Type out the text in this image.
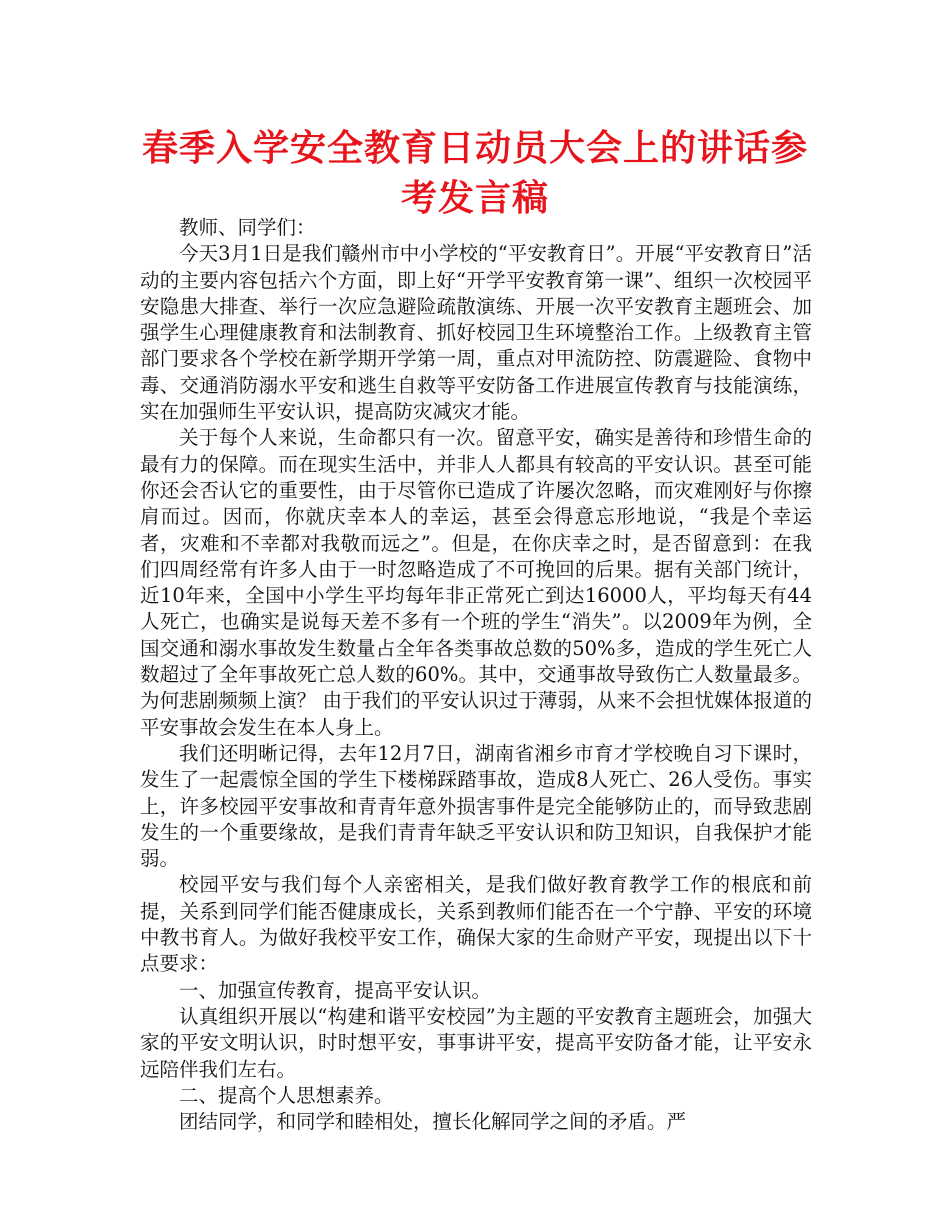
春季入学安全教育日动员大会上的讲话参考发言稿

教师、同学们：

今天3月1日是我们赣州市中小学校的“平安教育日”。开展“平安教育日”活动的主要内容包括六个方面，即上好“开学平安教育第一课”、组织一次校园平安隐患大排查、举行一次应急避险疏散演练、开展一次平安教育主题班会、加强学生心理健康教育和法制教育、抓好校园卫生环境整治工作。上级教育主管部门要求各个学校在新学期开学第一周，重点对甲流防控、防震避险、食物中毒、交通消防溺水平安和逃生自救等平安防备工作进展宣传教育与技能演练，实在加强师生平安认识，提高防灾减灾才能。

关于每个人来说，生命都只有一次。留意平安，确实是善待和珍惜生命的最有力的保障。而在现实生活中，并非人人都具有较高的平安认识。甚至可能你还会否认它的重要性，由于尽管你已造成了许屡次忽略，而灾难刚好与你擦肩而过。因而，你就庆幸本人的幸运，甚至会得意忘形地说，“我是个幸运者，灾难和不幸都对我敬而远之”。但是，在你庆幸之时，是否留意到：在我们四周经常有许多人由于一时忽略造成了不可挽回的后果。据有关部门统计，近10年来，全国中小学生平均每年非正常死亡到达16000人，平均每天有44人死亡，也确实是说每天差不多有一个班的学生“消失”。以2009年为例，全国交通和溺水事故发生数量占全年各类事故总数的50%多，造成的学生死亡人数超过了全年事故死亡总人数的60%。其中，交通事故导致伤亡人数量最多。为何悲剧频频上演？ 由于我们的平安认识过于薄弱，从来不会担忧媒体报道的平安事故会发生在本人身上。

我们还明晰记得，去年12月7日，湖南省湘乡市育才学校晚自习下课时，发生了一起震惊全国的学生下楼梯踩踏事故，造成8人死亡、26人受伤。事实上，许多校园平安事故和青青年意外损害事件是完全能够防止的，而导致悲剧发生的一个重要缘故，是我们青青年缺乏平安认识和防卫知识，自我保护才能弱。

校园平安与我们每个人亲密相关，是我们做好教育教学工作的根底和前提，关系到同学们能否健康成长，关系到教师们能否在一个宁静、平安的环境中教书育人。为做好我校平安工作，确保大家的生命财产平安，现提出以下十点要求：

一、加强宣传教育，提高平安认识。

认真组织开展以“构建和谐平安校园”为主题的平安教育主题班会，加强大家的平安文明认识，时时想平安，事事讲平安，提高平安防备才能，让平安永远陪伴我们左右。

二、提高个人思想素养。

团结同学，和同学和睦相处，擅长化解同学之间的矛盾。严
